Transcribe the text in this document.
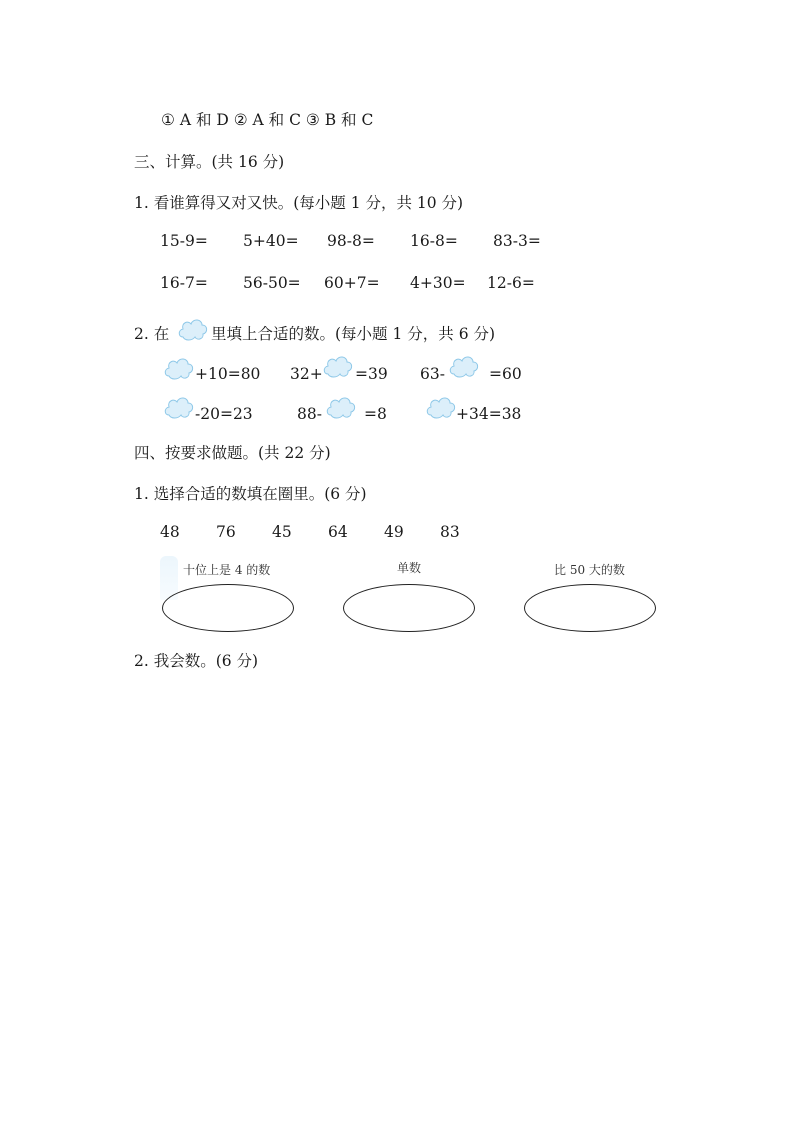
① A 和 D ② A 和 C ③ B 和 C
三、计算。(共 16 分)
1. 看谁算得又对又快。(每小题 1 分，共 10 分)
15-9= 5+40= 98-8= 16-8= 83-3=
16-7= 56-50= 60+7= 4+30= 12-6=
2. 在	里填上合适的数。(每小题 1 分，共 6 分)
+10=80 32+ =39 63-	=60
-20=23	88-	=8	+34=38
四、按要求做题。(共 22 分)
1. 选择合适的数填在圈里。(6 分)
48 76 45 64 49 83
十位上是 4 的数	单数	比 50 大的数
2. 我会数。(6 分)
